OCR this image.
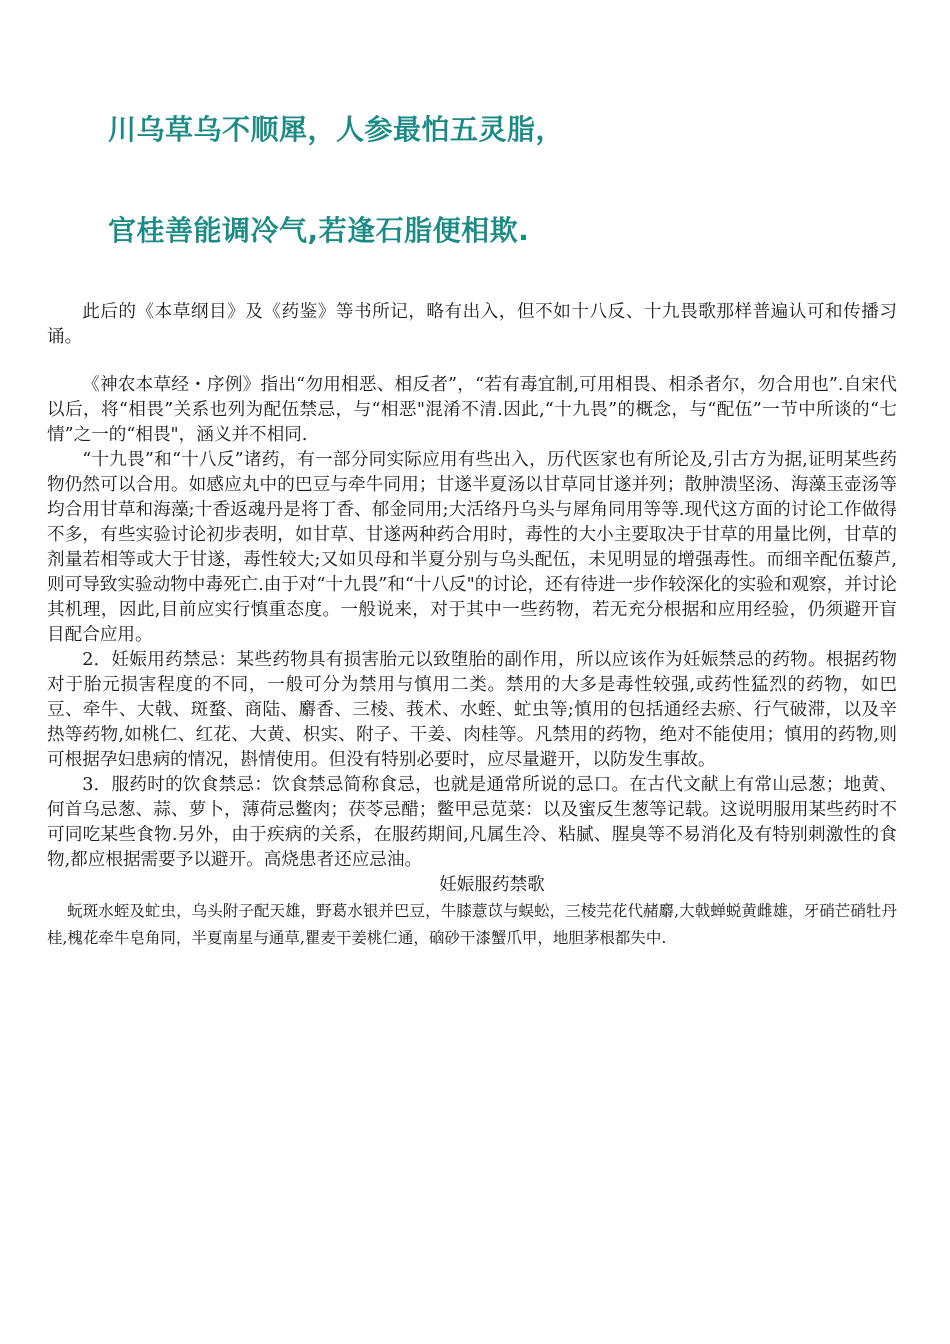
川乌草乌不顺犀，人参最怕五灵脂，
官桂善能调冷气,若逢石脂便相欺.

此后的《本草纲目》及《药鉴》等书所记，略有出入，但不如十八反、十九畏歌那样普遍认可和传播习诵。

《神农本草经・序例》指出“勿用相恶、相反者”，“若有毒宜制,可用相畏、相杀者尔，勿合用也”.自宋代以后，将“相畏”关系也列为配伍禁忌，与“相恶"混淆不清.因此,“十九畏”的概念，与“配伍”一节中所谈的“七情”之一的“相畏"，涵义并不相同.

“十九畏”和“十八反”诸药，有一部分同实际应用有些出入，历代医家也有所论及,引古方为据,证明某些药物仍然可以合用。如感应丸中的巴豆与牵牛同用；甘遂半夏汤以甘草同甘遂并列；散肿溃坚汤、海藻玉壶汤等均合用甘草和海藻;十香返魂丹是将丁香、郁金同用;大活络丹乌头与犀角同用等等.现代这方面的讨论工作做得不多，有些实验讨论初步表明，如甘草、甘遂两种药合用时，毒性的大小主要取决于甘草的用量比例，甘草的剂量若相等或大于甘遂，毒性较大;又如贝母和半夏分别与乌头配伍，未见明显的增强毒性。而细辛配伍藜芦,则可导致实验动物中毒死亡.由于对“十九畏”和“十八反"的讨论，还有待进一步作较深化的实验和观察，并讨论其机理，因此,目前应实行慎重态度。一般说来，对于其中一些药物，若无充分根据和应用经验，仍须避开盲目配合应用。

2．妊娠用药禁忌：某些药物具有损害胎元以致堕胎的副作用，所以应该作为妊娠禁忌的药物。根据药物对于胎元损害程度的不同，一般可分为禁用与慎用二类。禁用的大多是毒性较强,或药性猛烈的药物，如巴豆、牵牛、大戟、斑蝥、商陆、麝香、三棱、莪术、水蛭、虻虫等;慎用的包括通经去瘀、行气破滞，以及辛热等药物,如桃仁、红花、大黄、枳实、附子、干姜、肉桂等。凡禁用的药物，绝对不能使用；慎用的药物,则可根据孕妇患病的情况，斟情使用。但没有特别必要时，应尽量避开，以防发生事故。

3．服药时的饮食禁忌：饮食禁忌简称食忌，也就是通常所说的忌口。在古代文献上有常山忌葱；地黄、何首乌忌葱、蒜、萝卜，薄荷忌鳖肉；茯苓忌醋；鳖甲忌苋菜：以及蜜反生葱等记载。这说明服用某些药时不可同吃某些食物.另外，由于疾病的关系，在服药期间,凡属生冷、粘腻、腥臭等不易消化及有特别刺激性的食物,都应根据需要予以避开。高烧患者还应忌油。

妊娠服药禁歌

蚖斑水蛭及虻虫，乌头附子配天雄，野葛水银并巴豆，牛膝薏苡与蜈蚣，三棱芫花代赭麝,大戟蝉蜕黄雌雄，牙硝芒硝牡丹桂,槐花牵牛皂角同，半夏南星与通草,瞿麦干姜桃仁通，硇砂干漆蟹爪甲，地胆茅根都失中.
